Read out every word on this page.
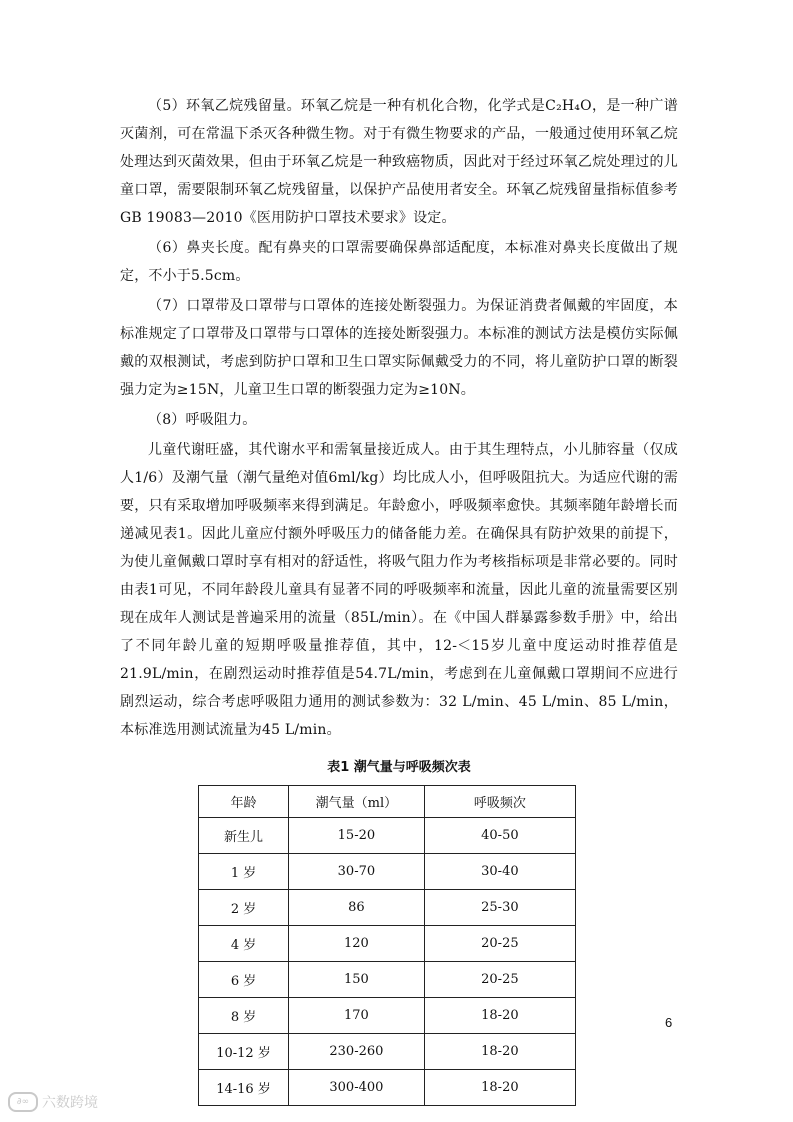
（5）环氧乙烷残留量。环氧乙烷是一种有机化合物，化学式是C₂H₄O，是一种广谱灭菌剂，可在常温下杀灭各种微生物。对于有微生物要求的产品，一般通过使用环氧乙烷处理达到灭菌效果，但由于环氧乙烷是一种致癌物质，因此对于经过环氧乙烷处理过的儿童口罩，需要限制环氧乙烷残留量，以保护产品使用者安全。环氧乙烷残留量指标值参考GB 19083—2010《医用防护口罩技术要求》设定。

（6）鼻夹长度。配有鼻夹的口罩需要确保鼻部适配度，本标准对鼻夹长度做出了规定，不小于5.5cm。

（7）口罩带及口罩带与口罩体的连接处断裂强力。为保证消费者佩戴的牢固度，本标准规定了口罩带及口罩带与口罩体的连接处断裂强力。本标准的测试方法是模仿实际佩戴的双根测试，考虑到防护口罩和卫生口罩实际佩戴受力的不同，将儿童防护口罩的断裂强力定为≥15N，儿童卫生口罩的断裂强力定为≥10N。

（8）呼吸阻力。

儿童代谢旺盛，其代谢水平和需氧量接近成人。由于其生理特点，小儿肺容量（仅成人1/6）及潮气量（潮气量绝对值6ml/kg）均比成人小，但呼吸阻抗大。为适应代谢的需要，只有采取增加呼吸频率来得到满足。年龄愈小，呼吸频率愈快。其频率随年龄增长而递减见表1。因此儿童应付额外呼吸压力的储备能力差。在确保具有防护效果的前提下，为使儿童佩戴口罩时享有相对的舒适性，将吸气阻力作为考核指标项是非常必要的。同时由表1可见，不同年龄段儿童具有显著不同的呼吸频率和流量，因此儿童的流量需要区别现在成年人测试是普遍采用的流量（85L/min）。在《中国人群暴露参数手册》中，给出了不同年龄儿童的短期呼吸量推荐值，其中，12-＜15岁儿童中度运动时推荐值是21.9L/min，在剧烈运动时推荐值是54.7L/min，考虑到在儿童佩戴口罩期间不应进行剧烈运动，综合考虑呼吸阻力通用的测试参数为：32 L/min、45 L/min、85 L/min，本标准选用测试流量为45 L/min。

表1 潮气量与呼吸频次表
年龄	潮气量（ml）	呼吸频次
新生儿	15-20	40-50
1 岁	30-70	30-40
2 岁	86	25-30
4 岁	120	20-25
6 岁	150	20-25
8 岁	170	18-20
10-12 岁	230-260	18-20
14-16 岁	300-400	18-20
6
∂∞ 六数跨境
